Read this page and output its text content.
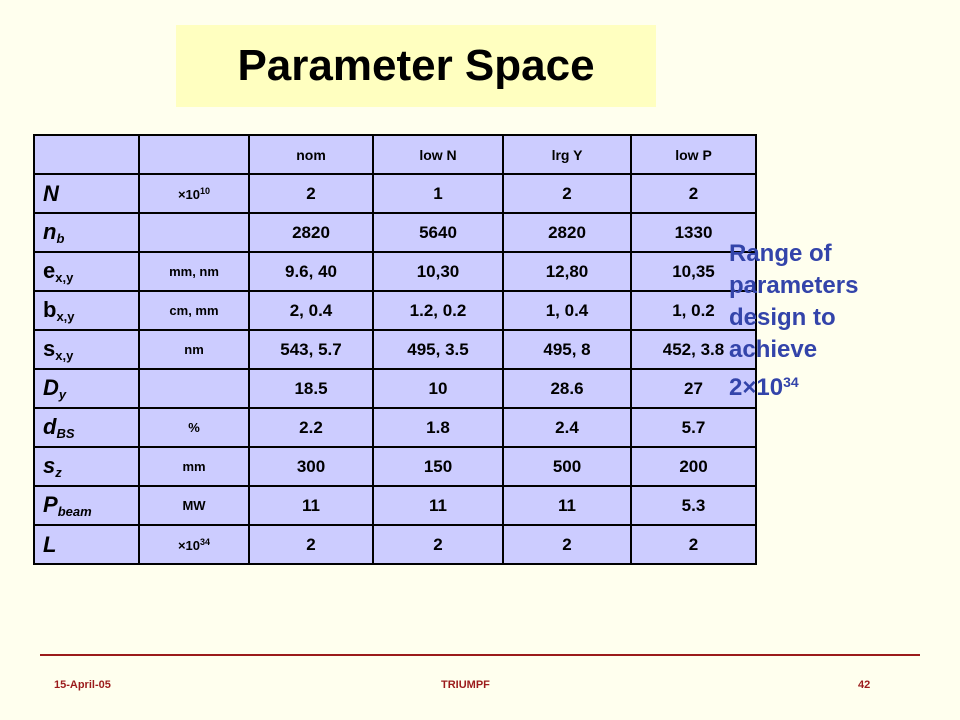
Parameter Space
		nom	low N	lrg Y	low P
N	$\times 10^{10}$	2	1	2	2
$n_b$		2820	5640	2820	1330
$e_{x,y}$	mm, nm	9.6, 40	10,30	12,80	10,35
$b_{x,y}$	cm, mm	2, 0.4	1.2, 0.2	1, 0.4	1, 0.2
$s_{x,y}$	nm	543, 5.7	495, 3.5	495, 8	452, 3.8
$D_y$		18.5	10	28.6	27
$d_{BS}$	%	2.2	1.8	2.4	5.7
$s_z$	mm	300	150	500	200
$P_{beam}$	MW	11	11	11	5.3
L	$\times 10^{34}$	2	2	2	2
Range of
parameters
design to
achieve
$2\times 10^{34}$
15-April-05	TRIUMPF	42
